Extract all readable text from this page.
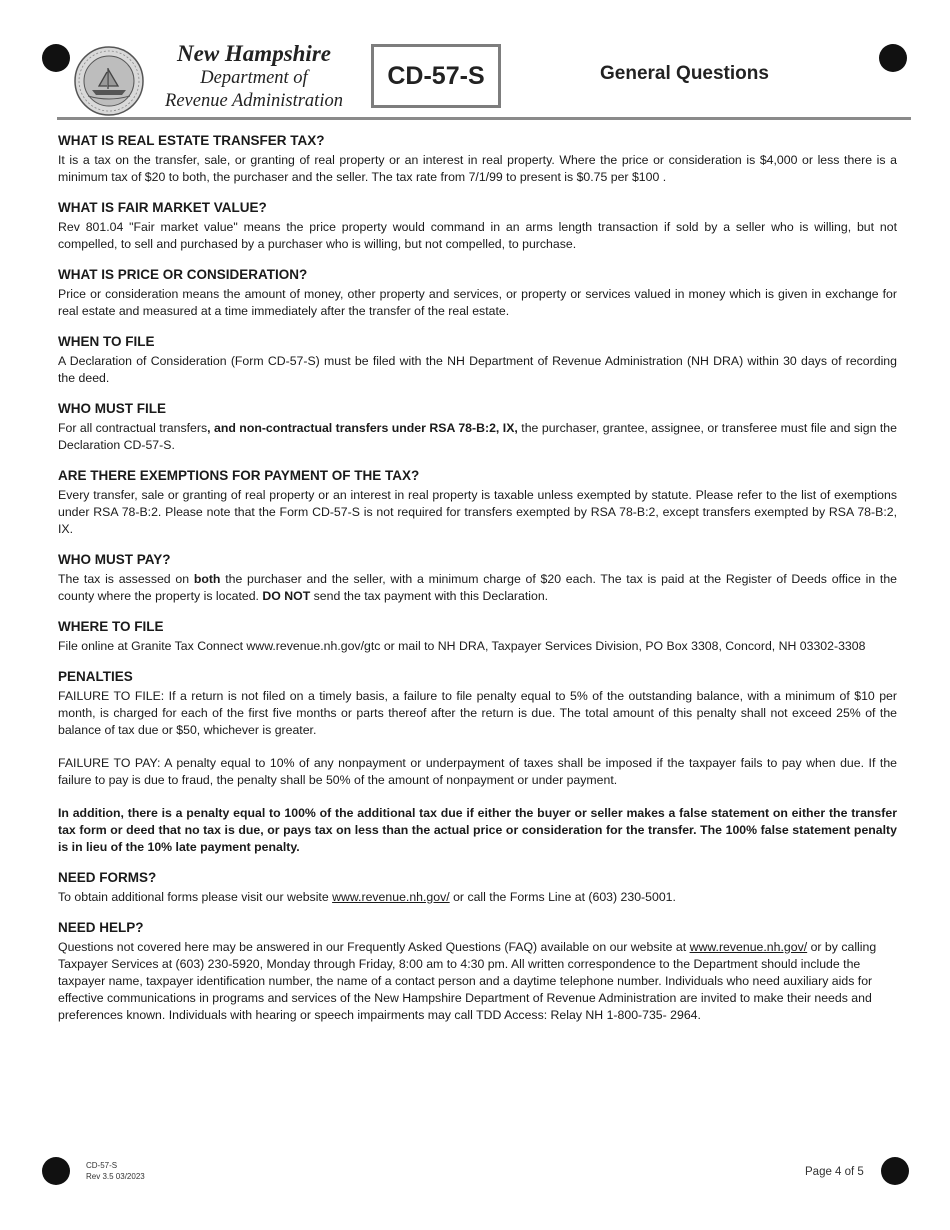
New Hampshire
Department of
Revenue Administration
CD-57-S	General Questions
WHAT IS REAL ESTATE TRANSFER TAX?

It is a tax on the transfer, sale, or granting of real property or an interest in real property. Where the price or consideration is $4,000 or less there is a minimum tax of $20 to both, the purchaser and the seller. The tax rate from 7/1/99 to present is $0.75 per $100 .

WHAT IS FAIR MARKET VALUE?

Rev 801.04 "Fair market value" means the price property would command in an arms length transaction if sold by a seller who is willing, but not compelled, to sell and purchased by a purchaser who is willing, but not compelled, to purchase.

WHAT IS PRICE OR CONSIDERATION?

Price or consideration means the amount of money, other property and services, or property or services valued in money which is given in exchange for real estate and measured at a time immediately after the transfer of the real estate.

WHEN TO FILE

A Declaration of Consideration (Form CD-57-S) must be filed with the NH Department of Revenue Administration (NH DRA) within 30 days of recording the deed.

WHO MUST FILE

For all contractual transfers, and non-contractual transfers under RSA 78-B:2, IX, the purchaser, grantee, assignee, or transferee must file and sign the Declaration CD-57-S.

ARE THERE EXEMPTIONS FOR PAYMENT OF THE TAX?

Every transfer, sale or granting of real property or an interest in real property is taxable unless exempted by statute. Please refer to the list of exemptions under RSA 78-B:2. Please note that the Form CD-57-S is not required for transfers exempted by RSA 78-B:2, except transfers exempted by RSA 78-B:2, IX.

WHO MUST PAY?

The tax is assessed on both the purchaser and the seller, with a minimum charge of $20 each. The tax is paid at the Register of Deeds office in the county where the property is located. DO NOT send the tax payment with this Declaration.

WHERE TO FILE

File online at Granite Tax Connect www.revenue.nh.gov/gtc or mail to NH DRA, Taxpayer Services Division, PO Box 3308, Concord, NH 03302-3308

PENALTIES

FAILURE TO FILE: If a return is not filed on a timely basis, a failure to file penalty equal to 5% of the outstanding balance, with a minimum of $10 per month, is charged for each of the first five months or parts thereof after the return is due. The total amount of this penalty shall not exceed 25% of the balance of tax due or $50, whichever is greater.

FAILURE TO PAY: A penalty equal to 10% of any nonpayment or underpayment of taxes shall be imposed if the taxpayer fails to pay when due. If the failure to pay is due to fraud, the penalty shall be 50% of the amount of nonpayment or under payment.

In addition, there is a penalty equal to 100% of the additional tax due if either the buyer or seller makes a false statement on either the transfer tax form or deed that no tax is due, or pays tax on less than the actual price or consideration for the transfer. The 100% false statement penalty is in lieu of the 10% late payment penalty.

NEED FORMS?

To obtain additional forms please visit our website www.revenue.nh.gov/ or call the Forms Line at (603) 230-5001.

NEED HELP?

Questions not covered here may be answered in our Frequently Asked Questions (FAQ) available on our website at www.revenue.nh.gov/ or by calling Taxpayer Services at (603) 230-5920, Monday through Friday, 8:00 am to 4:30 pm. All written correspondence to the Department should include the taxpayer name, taxpayer identification number, the name of a contact person and a daytime telephone number. Individuals who need auxiliary aids for effective communications in programs and services of the New Hampshire Department of Revenue Administration are invited to make their needs and preferences known. Individuals with hearing or speech impairments may call TDD Access: Relay NH 1-800-735- 2964.

CD-57-S
Rev 3.5 03/2023	Page 4 of 5
